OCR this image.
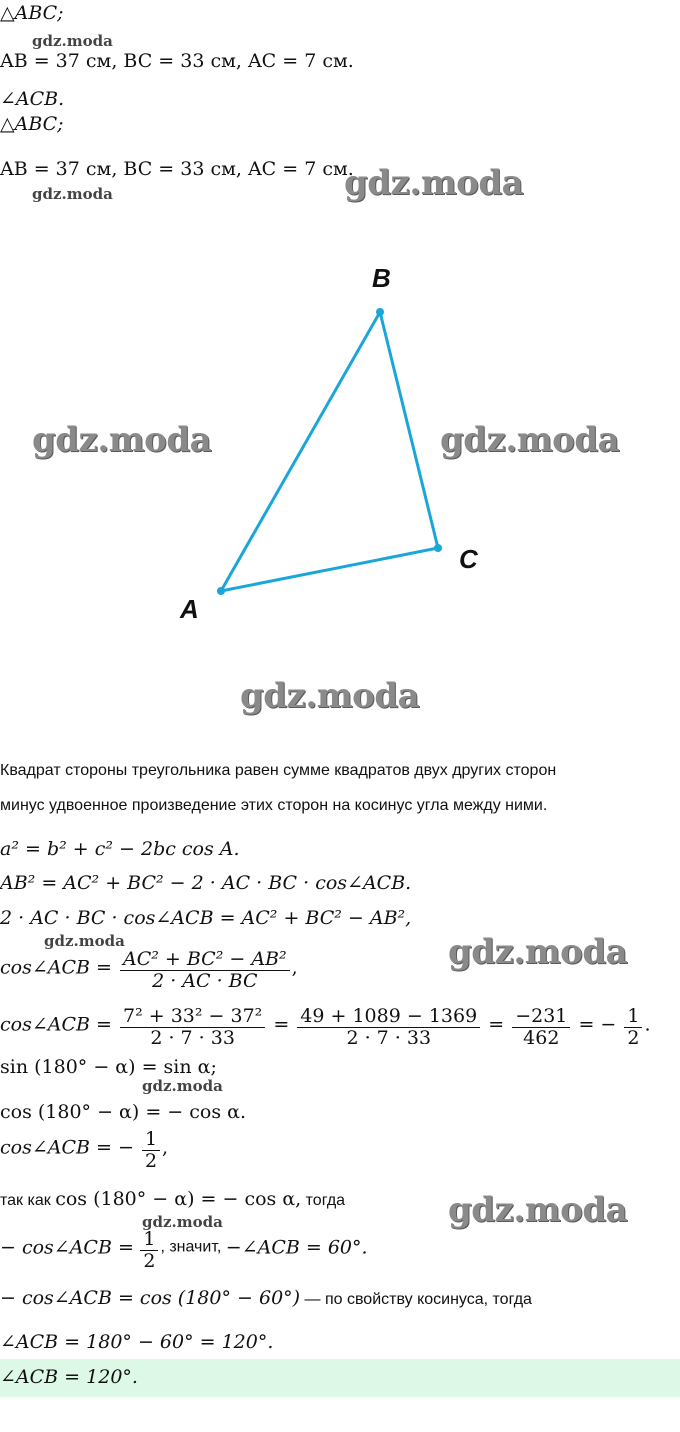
△ABC;
gdz.moda
AB = 37 см, BC = 33 см, AC = 7 см.
∠ACB.
△ABC;
AB = 37 см, BC = 33 см, AC = 7 см.
gdz.moda	gdz.moda
A
B
C
gdz.moda	gdz.moda
gdz.moda
Квадрат стороны треугольника равен сумме квадратов двух других сторон
минус удвоенное произведение этих сторон на косинус угла между ними.
a² = b² + c² − 2bc cos A.
AB² = AC² + BC² − 2 · AC · BC · cos∠ACB.
2 · AC · BC · cos∠ACB = AC² + BC² − AB²,
gdz.moda	gdz.moda
cos∠ACB = $\frac{\text{AC² + BC² − AB²}}{2 \cdot AC \cdot BC}$ ,
cos∠ACB = $\frac{\text{7² + 33² − 37²}}{2 \cdot 7 \cdot 33} = \frac{49 + 1089 - 1369}{2 \cdot 7 \cdot 33} = \frac{-231}{462}$ = − $\frac{1}{2}$ .
sin (180° − α) = sin α;
gdz.moda
cos (180° − α) = − cos α.
cos∠ACB = − $\frac{1}{2}$ ,
так как cos (180° − α) = − cos α, тогда	gdz.moda
gdz.moda
− cos∠ACB = $\frac{1}{2}$ , значит, −∠ACB = 60°.
− cos∠ACB = cos (180° − 60°) — по свойству косинуса, тогда
∠ACB = 180° − 60° = 120°.
∠ACB = 120°.
